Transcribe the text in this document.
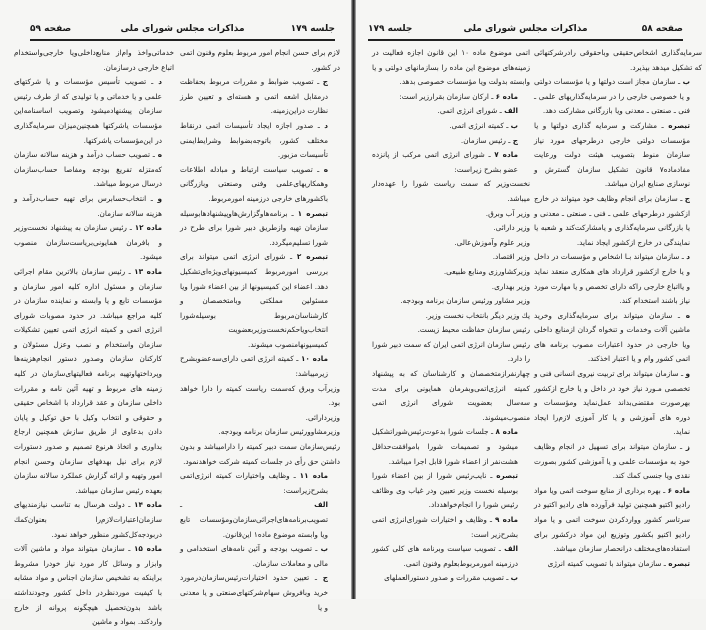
جلسه ۱۷۹
مذاکرات مجلس شورای ملی
صفحه ۵۹

لازم برای حسن انجام امور مربوط بعلوم وفنون اتمی در کشور.

ج ـ تصویب ضوابط و مقررات مربوط بحفاظت درمقابل اشعه اتمی و هسته‌ای و تعیین طرز نظارت دراین‌زمینه.

د ـ صدور اجازه ایجاد تأسیسات اتمی درنقاط مختلف کشور، باتوجه‌بضوابط وشرایط‌ایمنی تأسیسات مزبور.

ه ـ تصویب سیاست ارتباط و مبادله اطلاعات وهمکاریهای‌علمی وفنی وصنعتی وبازرگانی باکشورهای خارجی درزمینه امورمربوط.

تبصره ۱ ـ برنامه‌هاوگزارش‌هاوپیشنهادهابوسیله سازمان تهیه وازطریق دبیر شورا برای طرح در شورا تسلیم‌میگردد.

تبصره ۲ ـ شورای انرژی اتمی میتواند برای بررسی امورمربوط کمیسیونهای‌ویژه‌ای‌تشکیل دهد. اعضاء این کمیسیونها از بین اعضاء شورا ویا مسئولین مملکتی وبامتخصصان و کارشناسان‌مربوط بوسیله‌شورا انتخاب‌ویاحکم‌نخست‌وزیربعضویت کمیسیونهامنصوب میشوند.

ماده ۱۰ ـ کمیته انرژی اتمی دارای‌سه‌عضوبشرح زیرمیباشد:

وزیرآب وبرق که‌سمت ریاست کمیته را دارا خواهد بود.

وزیردارائی.

وزیرمشاوورئیس سازمان برنامه وبودجه.

رئیس‌سازمان سمت دبیر کمیته را دارامیباشد و بدون داشتن حق رأی در جلسات کمیته شرکت خواهدنمود.

ماده ۱۱ ـ وظایف واختیارات کمیته انرژی‌اتمی بشرح‌زیراست:

الف ـ تصویب‌برنامه‌های‌اجرائی‌سازمان‌ومؤسسات تابع ویا وابسته موضوع ماده۱ این‌قانون.

ب ـ تصویب بودجه و آئین نامه‌های استخدامی و مالی و معاملات سازمان.

ج ـ تعیین حدود اختیارات‌رئیس‌سازمان‌درمورد خرید وبافروش سهام‌شرکتهای‌صنعتی و یا معدنی و یا

خدماتی‌واخذ وام‌از منابع‌داخلی‌ویا خارجی‌واستخدام اتباع خارجی درسازمان.

د ـ تصویب تأسیس مؤسسات و یا شرکتهای علمی و یا خدماتی و یا تولیدی که از طرف رئیس سازمان پیشنهادمیشود وتصویب اساسنامه‌این مؤسسات یاشرکتها همچنین‌میزان سرمایه‌گذاری در این‌مؤسسات یاشرکتها.

ه ـ تصویب حساب درآمد و هزینه سالانه سازمان که‌متزله تفریغ بودجه ومفاصا حساب‌سازمان درسال مربوط میباشد.

و ـ انتخاب‌حسابرس برای تهیه حساب‌درآمد و هزینه سالانه سازمان.

ماده ۱۲ ـ رئیس سازمان به پیشنهاد نخست‌وزیر و بافرمان همایونی‌بریاست‌سازمان منصوب میشود.

ماده ۱۳ ـ رئیس سازمان بالاترین مقام اجرائی سازمان و مسئول اداره کلیه امور سازمان و مؤسسات تابع و یا وابسته و نماینده سازمان در کلیه مراجع میباشد. در حدود مصوبات شورای انرژی اتمی و کمیته انرژی اتمی تعیین تشکیلات سازمان واستخدام و نصب وعزل مسئولان و کارکنان سازمان وصدور دستور انجام‌هزینه‌ها وپرداختهاوتهیه برنامه فعالیتهای‌سازمان در کلیه زمینه های مربوط و تهیه آئین نامه و مقررات داخلی سازمان و عقد قرارداد با اشخاص حقیقی و حقوقی و انتخاب وکیل با حق توکیل و پایان دادن بدعاوی از طریق سازش همچنین ارجاع بداوری و اتخاذ هرنوع تصمیم و صدور دستورات لازم برای نیل بهدفهای سازمان وحسن انجام امور وتهیه و ارائه گزارش عملکرد سالانه سازمان بعهده رئیس سازمان میباشد.

ماده ۱۴ ـ دولت هرسال به تناسب نیازمندیهای سازمان‌اعتبارات‌لازم‌را بعنوان‌کمك دربودجه‌کل‌کشور منظور خواهد نمود.

ماده ۱۵ ـ سازمان میتواند مواد و ماشین آلات وابزار و وسائل کار مورد نیاز خودرا مشروط براینکه به تشخیص سازمان اجناس و مواد مشابه با کیفیت موردنظردر داخل کشور وجودنداشته باشد بدون‌تحصیل هیچگونه پروانه از خارج واردکند. بمواد و ماشین

صفحه ۵۸
مذاکرات مجلس شورای ملی
جلسه ۱۷۹

سرمایه‌گذاری اشخاص‌حقیقی وباحقوقی رادرشرکتهائی که تشکیل میدهد بپذیرد.

ب ـ سازمان مجاز است دولتها و یا مؤسسات دولتی و یا خصوصی خارجی را در سرمایه‌گذاریهای علمی ـ فنی ـ صنعتی ـ معدنی ویا بازرگانی مشارکت دهد.

تبصره ـ مشارکت و سرمایه گذاری دولتها و یا مؤسسات دولتی خارجی درطرحهای مورد نیاز سازمان منوط بتصویب هیئت دولت ورعایت مفادماده۷ قانون تشکیل سازمان گسترش و نوسازی صنایع ایران میباشد.

ج ـ سازمان برای انجام وظایف خود میتواند در خارج ازکشور درطرحهای علمی ـ فنی ـ صنعتی ـ معدنی و یا بازرگانی سرمایه‌گذاری و یامشارکت‌کند و شعبه یا نمایندگی در خارج ازکشور ایجاد نماید.

د ـ سازمان میتواند بـا اشخاص و مؤسسات در داخل و یا خارج ازکشور قرارداد های همکاری منعقد نماید و یااتباع خارجی راکه دارای تخصص و یا مهارت مورد نیاز باشند استخدام کند.

ه ـ سازمان میتواند برای سرمایه‌گذاری وخرید ماشین آلات وخدمات و تنخواه گردان ازمنابع داخلی ویا خارجی در حدود اعتبارات مصوب برنامه های اتمی کشور وام‌ و یا اعتبار اخذکند.

و ـ سازمان میتواند برای تربیت نیروی انسانی فنی و تخصصی مـورد نیاز خود در داخل و یا خارج ازکشور بهرصورت مقتضی‌بداند عمل‌نماید ومؤسسات و دوره های آموزشی و یا کار آموزی لازم‌را ایجاد نماید.

ز ـ سازمان میتواند برای تسهیل در انجام وظایف خود به مؤسسات علمی و یا آموزشی کشور بصورت نقدی ویا جنسی کمك کند.

ماده ۶ ـ بهره برداری از منابع سوخت اتمی ویا مواد رادیو اکتیو همچنین تولید فرآورده های رادیو اکتیو در سرتاسر کشور وواردکردن سوخت اتمی و یا مواد رادیو اکتیو بکشور وتوزیع این مواد درکشور برای استفاده‌های‌مختلف درانحصار سازمان میباشد.

تبصره ـ سازمان میتواند با تصویب کمیته انرژی

اتمی موضوع ماده ۱۰ این قانون اجازه فعالیت در زمینه‌های موضوع این ماده را بسازمانهای دولتی و یا وابسته بدولت ویا مؤسسات خصوصی بدهد.

ماده ۶ ـ ارکان سازمان بقرارزیر است:

الف ـ شورای انرژی اتمی.

ب ـ کمیته انرژی اتمی.

ج ـ رئیس سازمان.

ماده ۷ ـ شورای انرژی اتمی مرکب از پانزده عضو بشرح زیراست:

نخست‌وزیر که سمت ریاست شورا را عهده‌دار میباشد.

وزیر آب وبرق.

وزیر دارائی.

وزیر علوم وآموزش‌عالی.

وزیر اقتصاد.

وزیرکشاورزی ومنابع طبیعی.

وزیر بهداری.

وزیر مشاور ورئیس سازمان برنامه وبودجه.

یك وزیر دیگر بانتخاب نخست وزیر.

رئیس سازمان حفاظت محیط زیست.

رئیس سازمان انرژی اتمی ایران که سمت دبیر شورا را دارد.

چهارنفرازمتخصصان و کارشناسان که به پیشنهاد کمیته انرژی‌اتمی‌وبفرمان همایونی برای مدت سه‌سال بعضویت شورای انرژی اتمی منصوب‌میشوند.

ماده ۸ ـ جلسات شورا بدعوت‌رئیس‌شوراتشکیل میشود و تصمیمات شورا باموافقت‌حداقل هشت‌نفر از اعضاء شورا قابل اجرا میباشد.

تبصره ـ نایب‌رئیس شورا از بین اعضاء شورا بوسیله نخست وزیر تعیین ودر غیاب وی وظائف رئیس شورا را انجام‌خواهدداد.

ماده ۹ ـ وظایف و اختیارات شورای‌انرژی اتمی بشرح‌زیر است:

الف ـ تصویب سیاست وبرنامه های کلی کشور درزمینه امورمربوط‌بعلوم وفنون اتمی.

ب ـ تصویب مقررات و صدور دستورالعملهای
